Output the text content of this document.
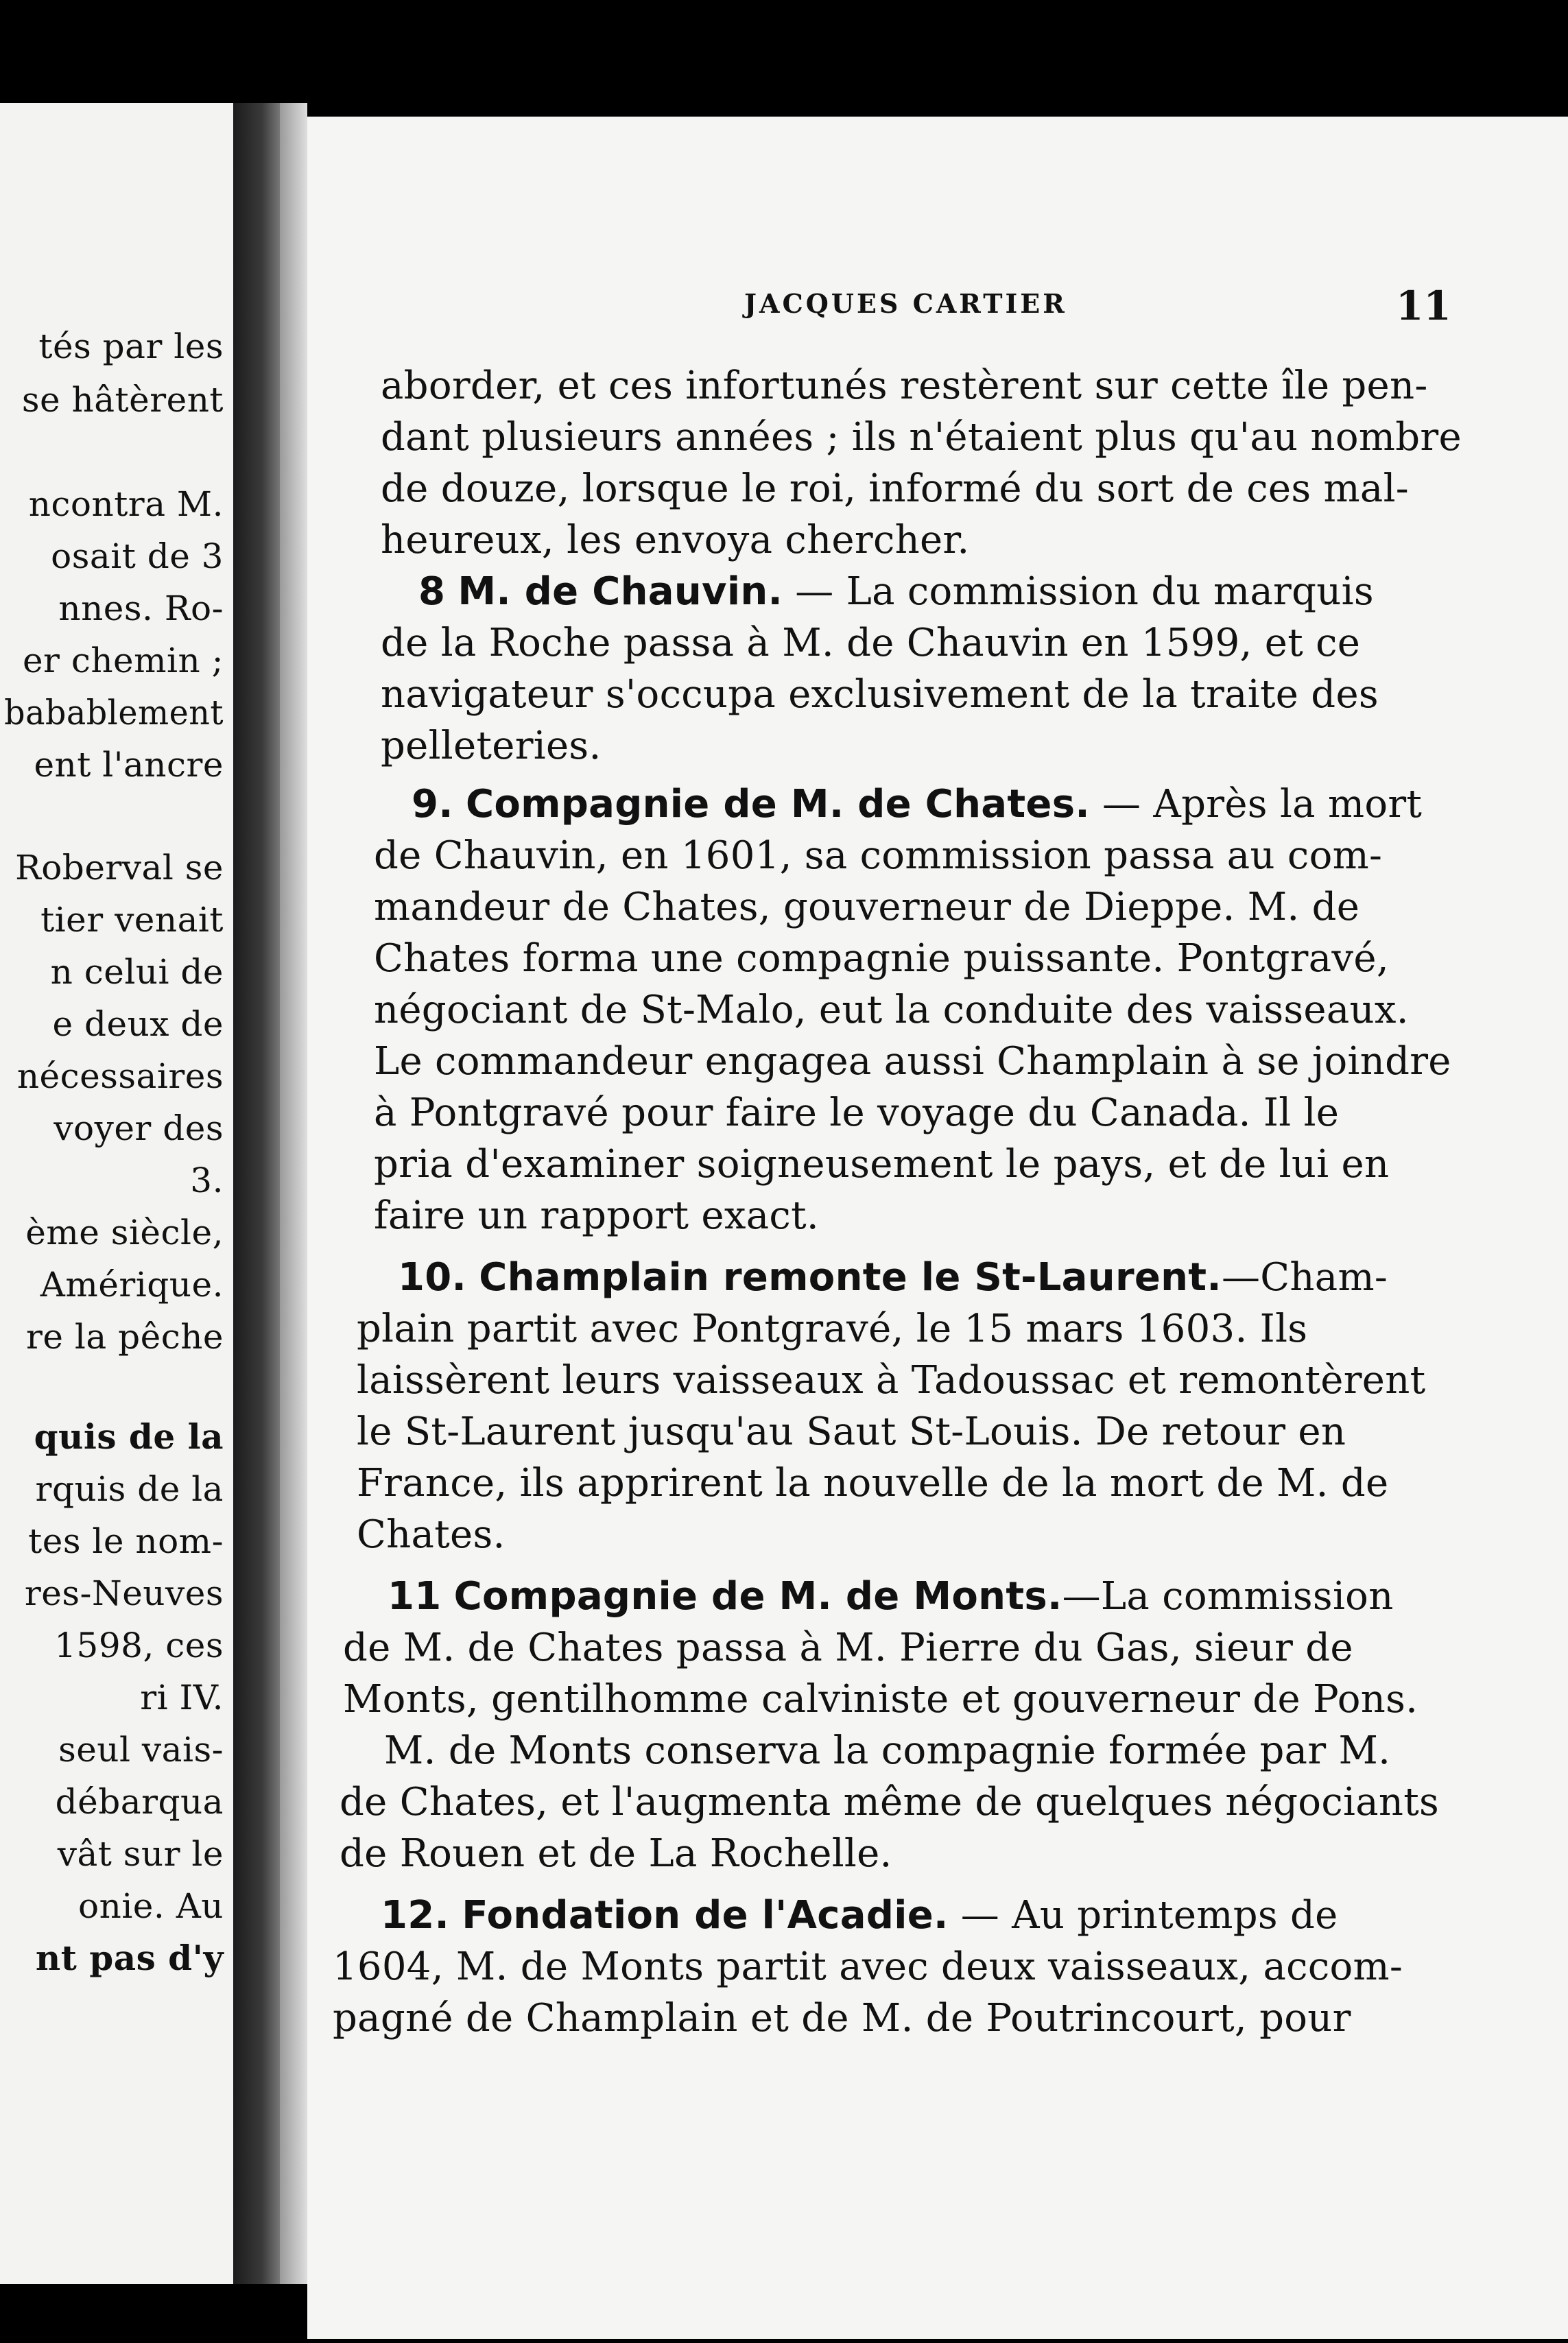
tés par les
se hâtèrent
ncontra M.
osait de 3
nnes. Ro-
er chemin ;
babablement
ent l'ancre
Roberval se
tier venait
n celui de
e deux de
nécessaires
voyer des
3.
ème siècle,
Amérique.
re la pêche
quis de la
rquis de la
tes le nom-
res-Neuves
1598, ces
ri IV.
seul vais-
débarqua
vât sur le
onie. Au
nt pas d'y
JACQUES CARTIER	11
aborder, et ces infortunés restèrent sur cette île pen-
dant plusieurs années ; ils n'étaient plus qu'au nombre
de douze, lorsque le roi, informé du sort de ces mal-
heureux, les envoya chercher.
8 M. de Chauvin. — La commission du marquis
de la Roche passa à M. de Chauvin en 1599, et ce
navigateur s'occupa exclusivement de la traite des
pelleteries.
9. Compagnie de M. de Chates. — Après la mort
de Chauvin, en 1601, sa commission passa au com-
mandeur de Chates, gouverneur de Dieppe. M. de
Chates forma une compagnie puissante. Pontgravé,
négociant de St-Malo, eut la conduite des vaisseaux.
Le commandeur engagea aussi Champlain à se joindre
à Pontgravé pour faire le voyage du Canada. Il le
pria d'examiner soigneusement le pays, et de lui en
faire un rapport exact.
10. Champlain remonte le St-Laurent.—Cham-
plain partit avec Pontgravé, le 15 mars 1603. Ils
laissèrent leurs vaisseaux à Tadoussac et remontèrent
le St-Laurent jusqu'au Saut St-Louis. De retour en
France, ils apprirent la nouvelle de la mort de M. de
Chates.
11 Compagnie de M. de Monts.—La commission
de M. de Chates passa à M. Pierre du Gas, sieur de
Monts, gentilhomme calviniste et gouverneur de Pons.
M. de Monts conserva la compagnie formée par M.
de Chates, et l'augmenta même de quelques négociants
de Rouen et de La Rochelle.
12. Fondation de l'Acadie. — Au printemps de
1604, M. de Monts partit avec deux vaisseaux, accom-
pagné de Champlain et de M. de Poutrincourt, pour
